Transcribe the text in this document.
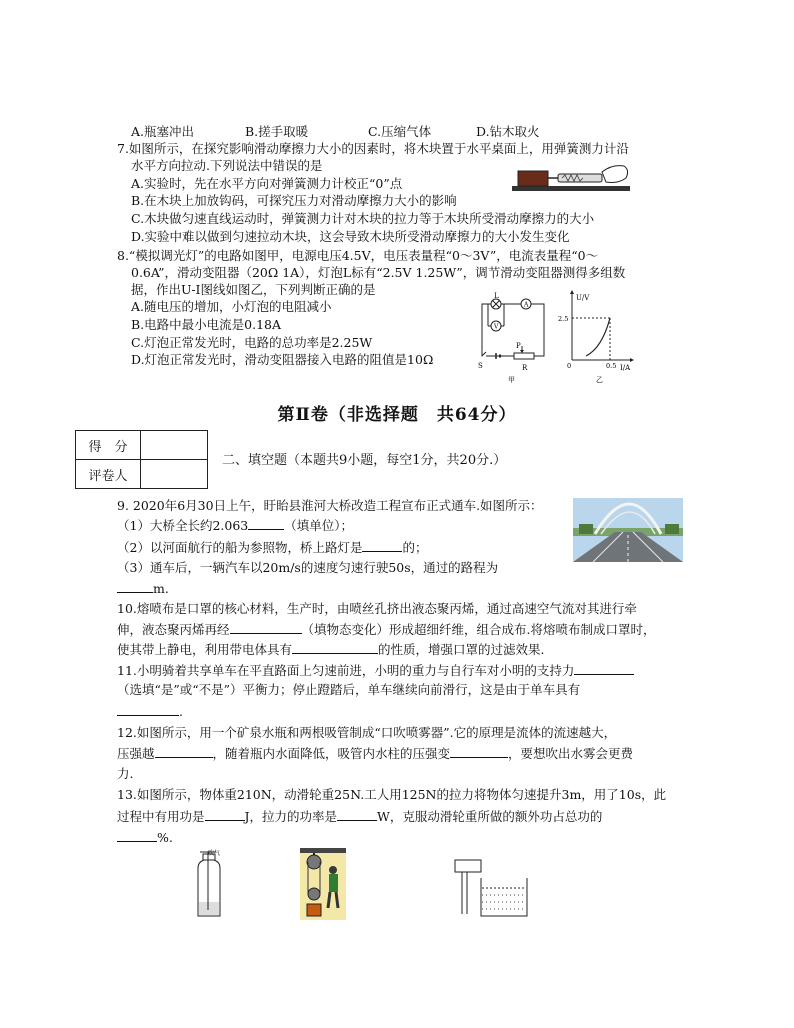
A.瓶塞冲出	B.搓手取暖	C.压缩气体	D.钻木取火
7.如图所示，在探究影响滑动摩擦力大小的因素时，将木块置于水平桌面上，用弹簧测力计沿
水平方向拉动.下列说法中错误的是
A.实验时，先在水平方向对弹簧测力计校正“0”点
B.在木块上加放钩码，可探究压力对滑动摩擦力大小的影响
C.木块做匀速直线运动时，弹簧测力计对木块的拉力等于木块所受滑动摩擦力的大小
D.实验中难以做到匀速拉动木块，这会导致木块所受滑动摩擦力的大小发生变化
8.“模拟调光灯”的电路如图甲，电源电压4.5V，电压表量程“0～3V”，电流表量程“0～
0.6A”，滑动变阻器（20Ω 1A），灯泡L标有“2.5V 1.25W”，调节滑动变阻器测得多组数
据，作出U-I图线如图乙，下列判断正确的是
A.随电压的增加，小灯泡的电阻减小
B.电路中最小电流是0.18A
C.灯泡正常发光时，电路的总功率是2.25W
D.灯泡正常发光时，滑动变阻器接入电路的阻值是10Ω
L
A
V
S
P
R
甲
U/V
2.5
0	0.5 I/A
乙
第Ⅱ卷（非选择题　共64分）
得　分	
评卷人	
二、填空题（本题共9小题，每空1分，共20分.）
9. 2020年6月30日上午，盱眙县淮河大桥改造工程宣布正式通车.如图所示：
（1）大桥全长约2.063	（填单位）；
（2）以河面航行的船为参照物，桥上路灯是	的；
（3）通车后，一辆汽车以20m/s的速度匀速行驶50s，通过的路程为
m.
10.熔喷布是口罩的核心材料，生产时，由喷丝孔挤出液态聚丙烯，通过高速空气流对其进行牵
伸，液态聚丙烯再经	（填物态变化）形成超细纤维，组合成布.将熔喷布制成口罩时，
使其带上静电，利用带电体具有	的性质，增强口罩的过滤效果.
11.小明骑着共享单车在平直路面上匀速前进，小明的重力与自行车对小明的支持力
（选填“是”或“不是”）平衡力；停止蹬踏后，单车继续向前滑行，这是由于单车具有
.
12.如图所示，用一个矿泉水瓶和两根吸管制成“口吹喷雾器”.它的原理是流体的流速越大，
压强越	，随着瓶内水面降低，吸管内水柱的压强变	，要想吹出水雾会更费
力.
13.如图所示，物体重210N，动滑轮重25N.工人用125N的拉力将物体匀速提升3m，用了10s，此
过程中有用功是	J，拉力的功率是	W，克服动滑轮重所做的额外功占总功的
%.
吹气
